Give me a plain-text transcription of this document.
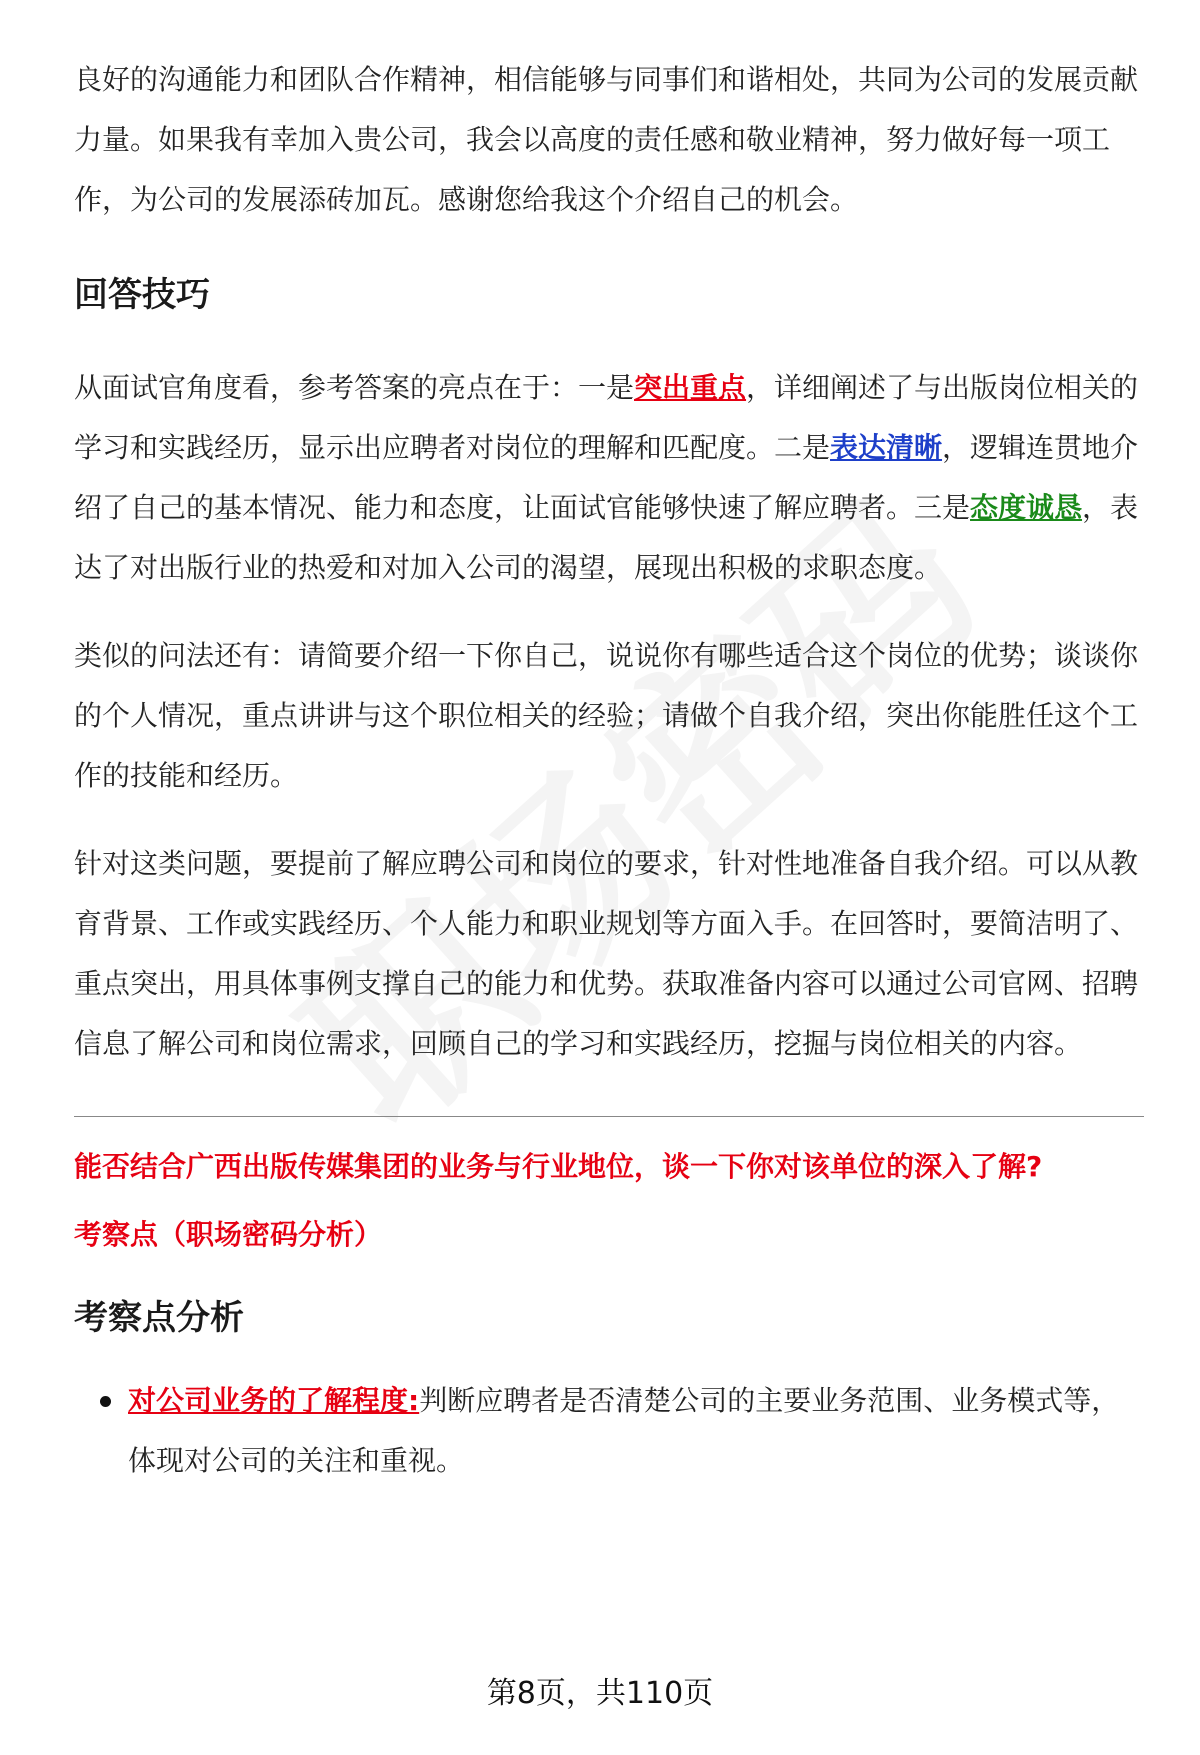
良好的沟通能力和团队合作精神，相信能够与同事们和谐相处，共同为公司的发展贡献力量。如果我有幸加入贵公司，我会以高度的责任感和敬业精神，努力做好每一项工作，为公司的发展添砖加瓦。感谢您给我这个介绍自己的机会。

回答技巧

从面试官角度看，参考答案的亮点在于：一是突出重点，详细阐述了与出版岗位相关的学习和实践经历，显示出应聘者对岗位的理解和匹配度。二是表达清晰，逻辑连贯地介绍了自己的基本情况、能力和态度，让面试官能够快速了解应聘者。三是态度诚恳，表达了对出版行业的热爱和对加入公司的渴望，展现出积极的求职态度。

类似的问法还有：请简要介绍一下你自己，说说你有哪些适合这个岗位的优势；谈谈你的个人情况，重点讲讲与这个职位相关的经验；请做个自我介绍，突出你能胜任这个工作的技能和经历。

针对这类问题，要提前了解应聘公司和岗位的要求，针对性地准备自我介绍。可以从教育背景、工作或实践经历、个人能力和职业规划等方面入手。在回答时，要简洁明了、重点突出，用具体事例支撑自己的能力和优势。获取准备内容可以通过公司官网、招聘信息了解公司和岗位需求，回顾自己的学习和实践经历，挖掘与岗位相关的内容。

能否结合广西出版传媒集团的业务与行业地位，谈一下你对该单位的深入了解?

考察点（职场密码分析）

考察点分析
对公司业务的了解程度:判断应聘者是否清楚公司的主要业务范围、业务模式等，体现对公司的关注和重视。
第8页，共110页
